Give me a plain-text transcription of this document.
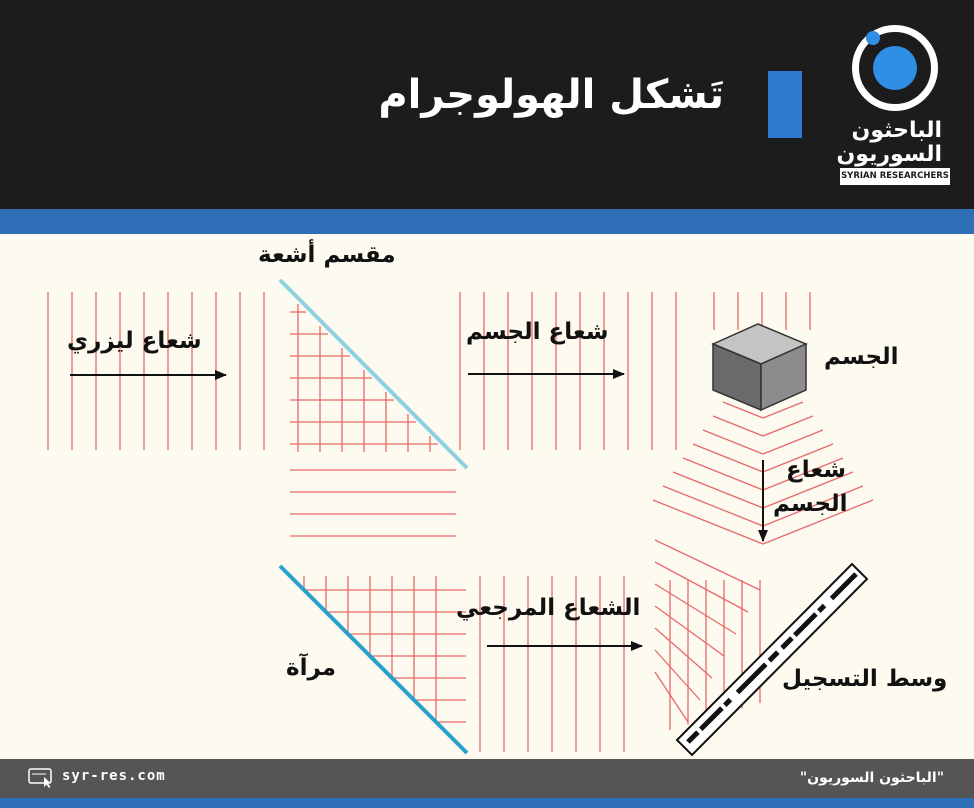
تَشكل الهولوجرام
الباحثون
السوريون
SYRIAN RESEARCHERS
مقسم أشعة
شعاع ليزري	شعاع الجسم
الجسم
شعاع
الجسم
الشعاع المرجعي
مرآة	وسط التسجيل
syr-res.com	"الباحثون السوريون"
